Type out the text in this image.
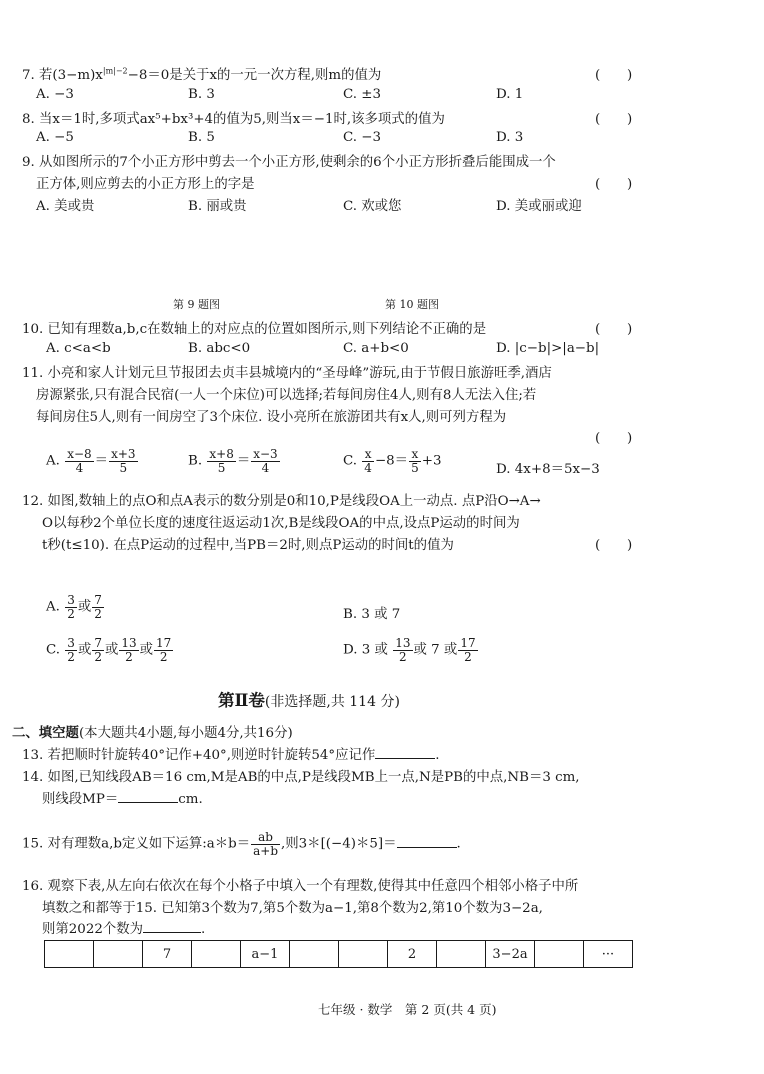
7. 若$(3-m)x^{|m|-2}-8=0$是关于x的一元一次方程,则m的值为	(　　)
A. −3	B. 3	C. ±3	D. 1
8. 当x＝1时,多项式ax⁵+bx³+4的值为5,则当x＝−1时,该多项式的值为	(　　)
A. −5	B. 5	C. −3	D. 3
9. 从如图所示的7个小正方形中剪去一个小正方形,使剩余的6个小正方形折叠后能围成一个
正方体,则应剪去的小正方形上的字是	(　　)
A. 美或贵	B. 丽或贵	C. 欢或您	D. 美或丽或迎
第 9 题图	第 10 题图
10. 已知有理数a,b,c在数轴上的对应点的位置如图所示,则下列结论不正确的是	(　　)
A. c<a<b	B. abc<0	C. a+b<0	D. |c−b|>|a−b|
11. 小亮和家人计划元旦节报团去贞丰县城境内的“圣母峰”游玩,由于节假日旅游旺季,酒店
房源紧张,只有混合民宿(一人一个床位)可以选择;若每间房住4人,则有8人无法入住;若
每间房住5人,则有一间房空了3个床位. 设小亮所在旅游团共有x人,则可列方程为
(　　)
A. $\frac{x-8}{4} = \frac{x+3}{5}$	B. $\frac{x+8}{5} = \frac{x-3}{4}$	C. $\frac{x}{4} -8= \frac{x}{5} +3$
D. 4x+8＝5x−3
12. 如图,数轴上的点O和点A表示的数分别是0和10,P是线段OA上一动点. 点P沿O→A→
O以每秒2个单位长度的速度往返运动1次,B是线段OA的中点,设点P运动的时间为
t秒(t≤10). 在点P运动的过程中,当PB＝2时,则点P运动的时间t的值为	(　　)
A. $\frac{3}{2}$ 或 $\frac{7}{2}$	B. 3 或 7
C. $\frac{3}{2}$ 或 $\frac{7}{2}$ 或 $\frac{13}{2}$ 或 $\frac{17}{2}$	D. 3 或 $\frac{13}{2}$ 或 7 或 $\frac{17}{2}$
第Ⅱ卷(非选择题,共 114 分)
二、填空题(本大题共4小题,每小题4分,共16分)
13. 若把顺时针旋转40°记作+40°,则逆时针旋转54°应记作	.
14. 如图,已知线段AB＝16 cm,M是AB的中点,P是线段MB上一点,N是PB的中点,NB＝3 cm,
则线段MP＝	cm.
15. 对有理数a,b定义如下运算:a＊b＝ $\frac{ab}{a+b}$ ,则3＊[(−4)＊5]＝	.
16. 观察下表,从左向右依次在每个小格子中填入一个有理数,使得其中任意四个相邻小格子中所
填数之和都等于15. 已知第3个数为7,第5个数为a−1,第8个数为2,第10个数为3−2a,
则第2022个数为	.
		7		a−1			2		3−2a		···
七年级 · 数学　第 2 页(共 4 页)
